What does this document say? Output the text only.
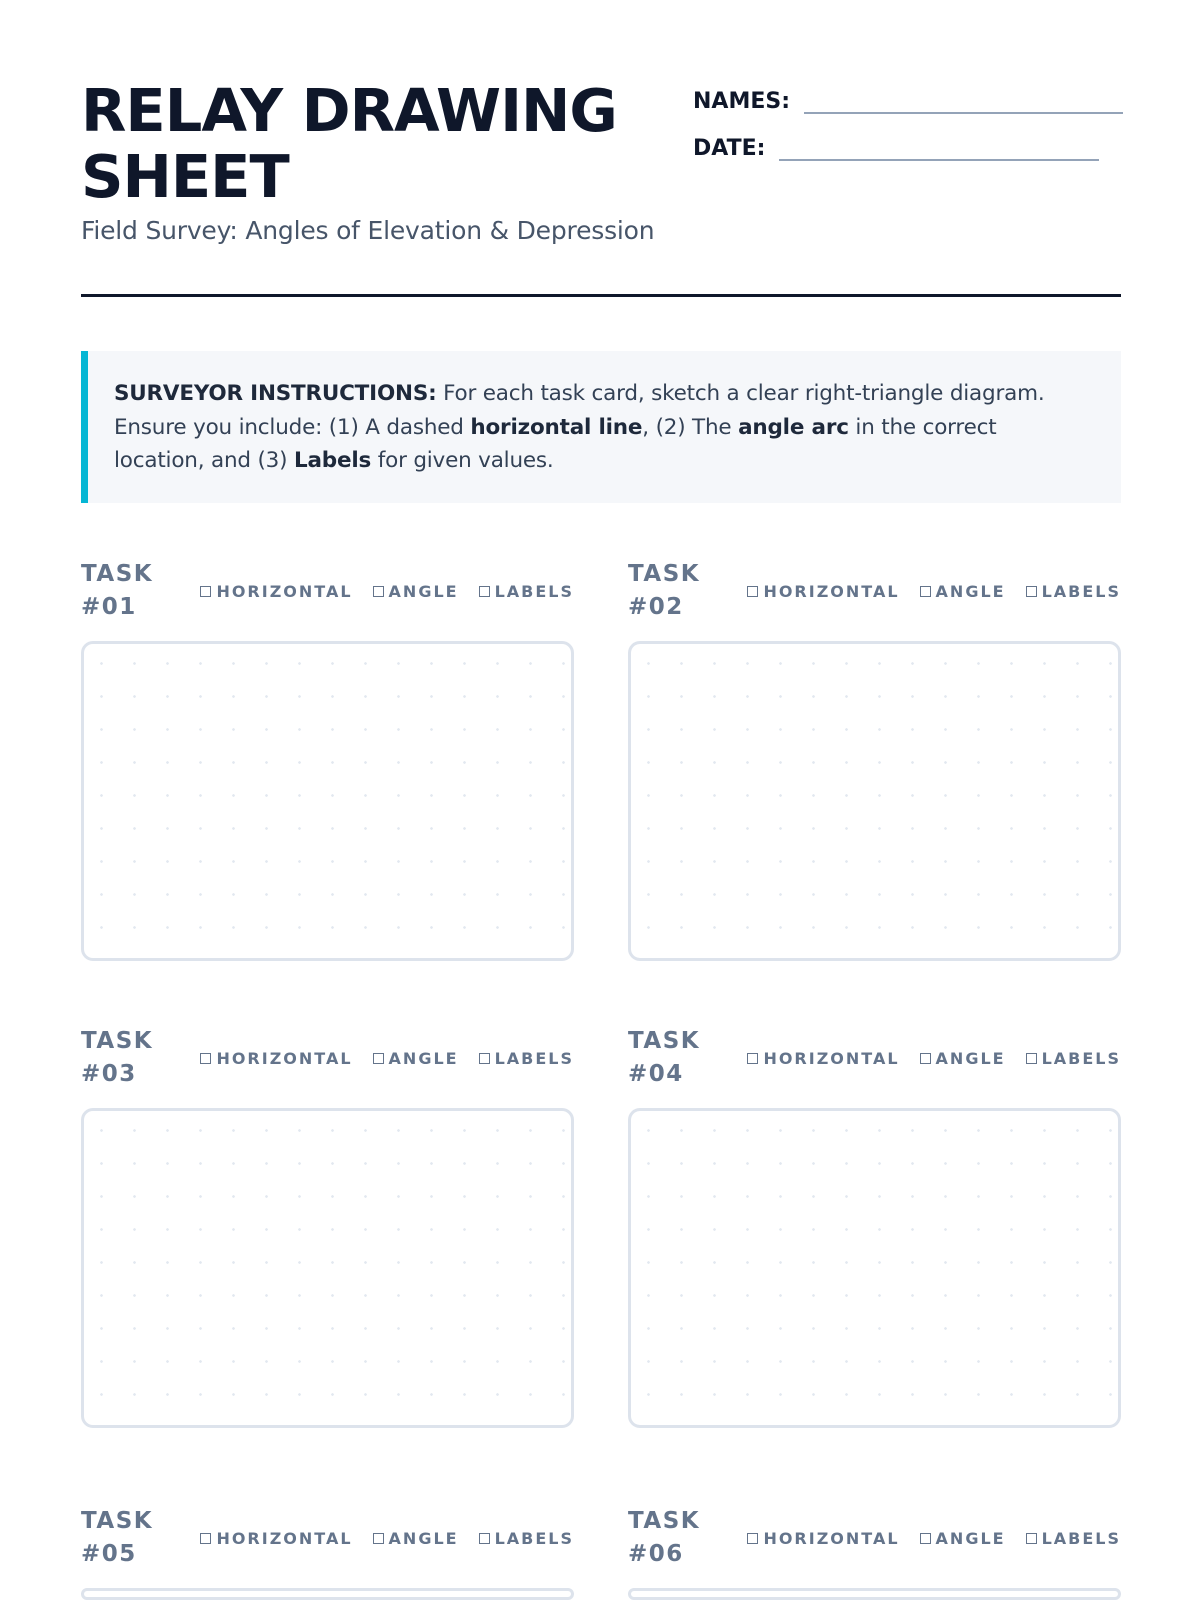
RELAY DRAWING SHEET
Field Survey: Angles of Elevation & Depression
NAMES:
DATE:
SURVEYOR INSTRUCTIONS: For each task card, sketch a clear right-triangle diagram. Ensure you include: (1) A dashed horizontal line, (2) The angle arc in the correct location, and (3) Labels for given values.
TASK #01
HORIZONTAL ANGLE LABELS
TASK #02
HORIZONTAL ANGLE LABELS
TASK #03
HORIZONTAL ANGLE LABELS
TASK #04
HORIZONTAL ANGLE LABELS
TASK #05
HORIZONTAL ANGLE LABELS
TASK #06
HORIZONTAL ANGLE LABELS
